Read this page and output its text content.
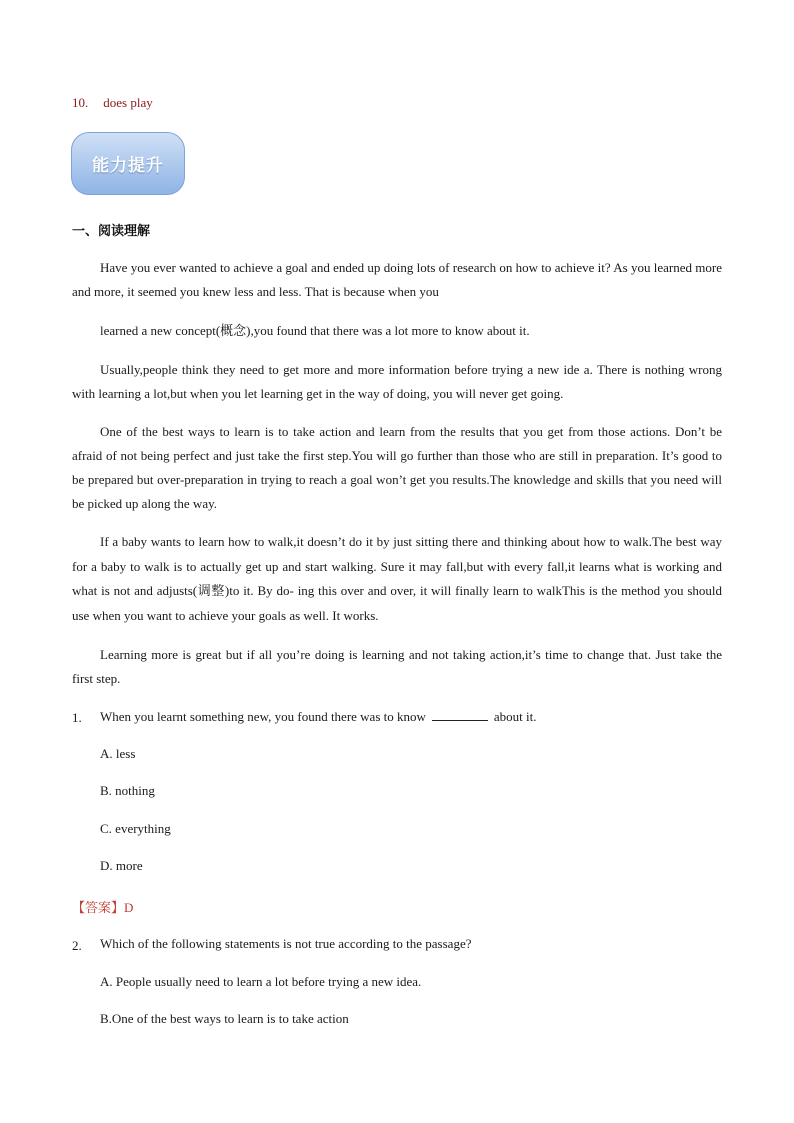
10. does play
能力提升
一、阅读理解
Have you ever wanted to achieve a goal and ended up doing lots of research on how to achieve it? As you learned more and more, it seemed you knew less and less. That is because when you
learned a new concept(概念),you found that there was a lot more to know about it.
Usually,people think they need to get more and more information before trying a new ide a. There is nothing wrong with learning a lot,but when you let learning get in the way of doing, you will never get going.
One of the best ways to learn is to take action and learn from the results that you get from those actions. Don’t be afraid of not being perfect and just take the first step.You will go further than those who are still in preparation. It’s good to be prepared but over-preparation in trying to reach a goal won’t get you results.The knowledge and skills that you need will be picked up along the way.
If a baby wants to learn how to walk,it doesn’t do it by just sitting there and thinking about how to walk.The best way for a baby to walk is to actually get up and start walking. Sure it may fall,but with every fall,it learns what is working and what is not and adjusts(调整)to it. By do- ing this over and over, it will finally learn to walkThis is the method you should use when you want to achieve your goals as well. It works.
Learning more is great but if all you’re doing is learning and not taking action,it’s time to change that. Just take the first step.
1. When you learnt something new, you found there was to know	about it.
A. less
B. nothing
C. everything
D. more
【答案】D
2. Which of the following statements is not true according to the passage?
A. People usually need to learn a lot before trying a new idea.
B.One of the best ways to learn is to take action
